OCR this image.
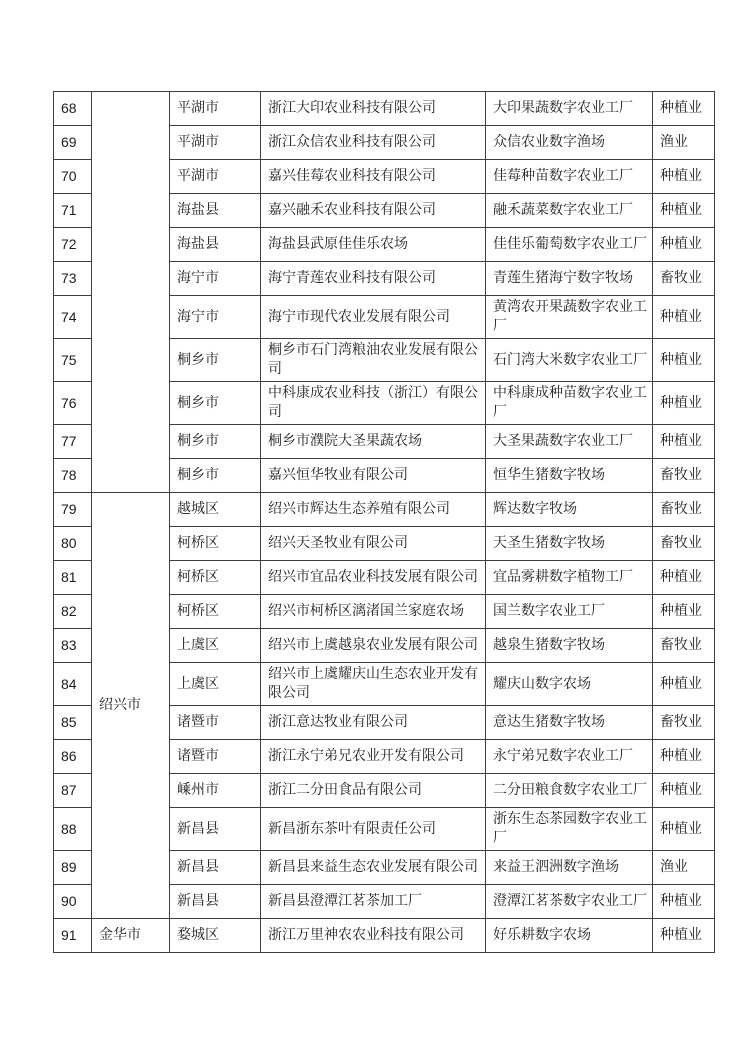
68		平湖市	浙江大印农业科技有限公司	大印果蔬数字农业工厂	种植业
69		平湖市	浙江众信农业科技有限公司	众信农业数字渔场	渔业
70		平湖市	嘉兴佳莓农业科技有限公司	佳莓种苗数字农业工厂	种植业
71		海盐县	嘉兴融禾农业科技有限公司	融禾蔬菜数字农业工厂	种植业
72		海盐县	海盐县武原佳佳乐农场	佳佳乐葡萄数字农业工厂	种植业
73		海宁市	海宁青莲农业科技有限公司	青莲生猪海宁数字牧场	畜牧业
74		海宁市	海宁市现代农业发展有限公司	黄湾农开果蔬数字农业工厂	种植业
75		桐乡市	桐乡市石门湾粮油农业发展有限公司	石门湾大米数字农业工厂	种植业
76		桐乡市	中科康成农业科技（浙江）有限公司	中科康成种苗数字农业工厂	种植业
77		桐乡市	桐乡市濮院大圣果蔬农场	大圣果蔬数字农业工厂	种植业
78		桐乡市	嘉兴恒华牧业有限公司	恒华生猪数字牧场	畜牧业
79	绍兴市	越城区	绍兴市辉达生态养殖有限公司	辉达数字牧场	畜牧业
80		柯桥区	绍兴天圣牧业有限公司	天圣生猪数字牧场	畜牧业
81		柯桥区	绍兴市宜品农业科技发展有限公司	宜品雾耕数字植物工厂	种植业
82		柯桥区	绍兴市柯桥区漓渚国兰家庭农场	国兰数字农业工厂	种植业
83		上虞区	绍兴市上虞越泉农业发展有限公司	越泉生猪数字牧场	畜牧业
84		上虞区	绍兴市上虞耀庆山生态农业开发有限公司	耀庆山数字农场	种植业
85		诸暨市	浙江意达牧业有限公司	意达生猪数字牧场	畜牧业
86		诸暨市	浙江永宁弟兄农业开发有限公司	永宁弟兄数字农业工厂	种植业
87		嵊州市	浙江二分田食品有限公司	二分田粮食数字农业工厂	种植业
88		新昌县	新昌浙东茶叶有限责任公司	浙东生态茶园数字农业工厂	种植业
89		新昌县	新昌县来益生态农业发展有限公司	来益王泗洲数字渔场	渔业
90		新昌县	新昌县澄潭江茗茶加工厂	澄潭江茗茶数字农业工厂	种植业
91	金华市	婺城区	浙江万里神农农业科技有限公司	好乐耕数字农场	种植业
